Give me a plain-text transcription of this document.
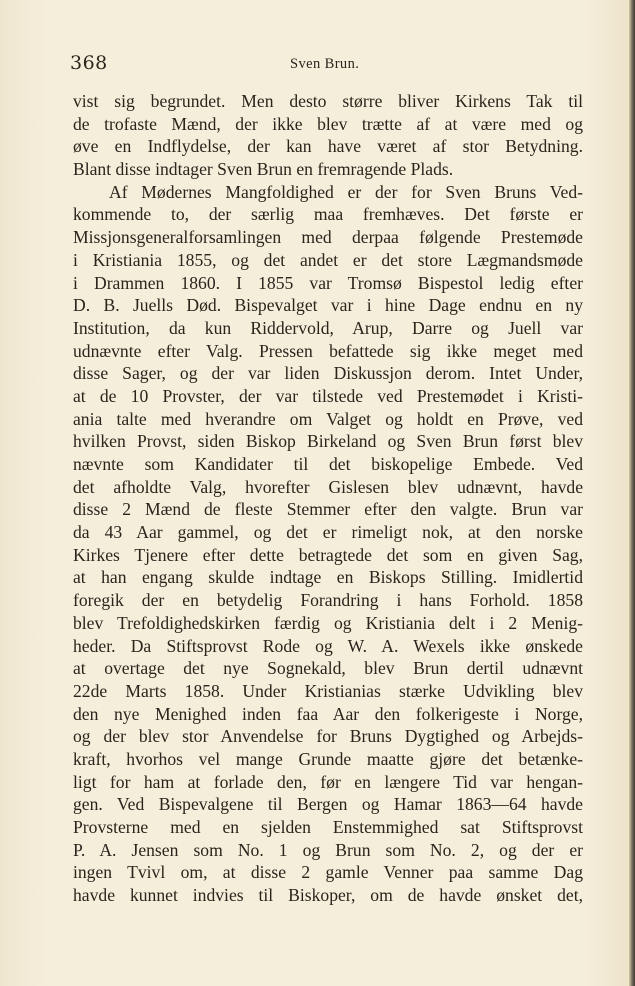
368	Sven Brun.
vist sig begrundet. Men desto større bliver Kirkens Tak til
de trofaste Mænd, der ikke blev trætte af at være med og
øve en Indflydelse, der kan have været af stor Betydning.
Blant disse indtager Sven Brun en fremragende Plads.
Af Mødernes Mangfoldighed er der for Sven Bruns Ved-
kommende to, der særlig maa fremhæves. Det første er
Missjonsgeneralforsamlingen med derpaa følgende Prestemøde
i Kristiania 1855, og det andet er det store Lægmandsmøde
i Drammen 1860. I 1855 var Tromsø Bispestol ledig efter
D. B. Juells Død. Bispevalget var i hine Dage endnu en ny
Institution, da kun Riddervold, Arup, Darre og Juell var
udnævnte efter Valg. Pressen befattede sig ikke meget med
disse Sager, og der var liden Diskussjon derom. Intet Under,
at de 10 Provster, der var tilstede ved Prestemødet i Kristi-
ania talte med hverandre om Valget og holdt en Prøve, ved
hvilken Provst, siden Biskop Birkeland og Sven Brun først blev
nævnte som Kandidater til det biskopelige Embede. Ved
det afholdte Valg, hvorefter Gislesen blev udnævnt, havde
disse 2 Mænd de fleste Stemmer efter den valgte. Brun var
da 43 Aar gammel, og det er rimeligt nok, at den norske
Kirkes Tjenere efter dette betragtede det som en given Sag,
at han engang skulde indtage en Biskops Stilling. Imidlertid
foregik der en betydelig Forandring i hans Forhold. 1858
blev Trefoldighedskirken færdig og Kristiania delt i 2 Menig-
heder. Da Stiftsprovst Rode og W. A. Wexels ikke ønskede
at overtage det nye Sognekald, blev Brun dertil udnævnt
22de Marts 1858. Under Kristianias stærke Udvikling blev
den nye Menighed inden faa Aar den folkerigeste i Norge,
og der blev stor Anvendelse for Bruns Dygtighed og Arbejds-
kraft, hvorhos vel mange Grunde maatte gjøre det betænke-
ligt for ham at forlade den, før en længere Tid var hengan-
gen. Ved Bispevalgene til Bergen og Hamar 1863—64 havde
Provsterne med en sjelden Enstemmighed sat Stiftsprovst
P. A. Jensen som No. 1 og Brun som No. 2, og der er
ingen Tvivl om, at disse 2 gamle Venner paa samme Dag
havde kunnet indvies til Biskoper, om de havde ønsket det,
